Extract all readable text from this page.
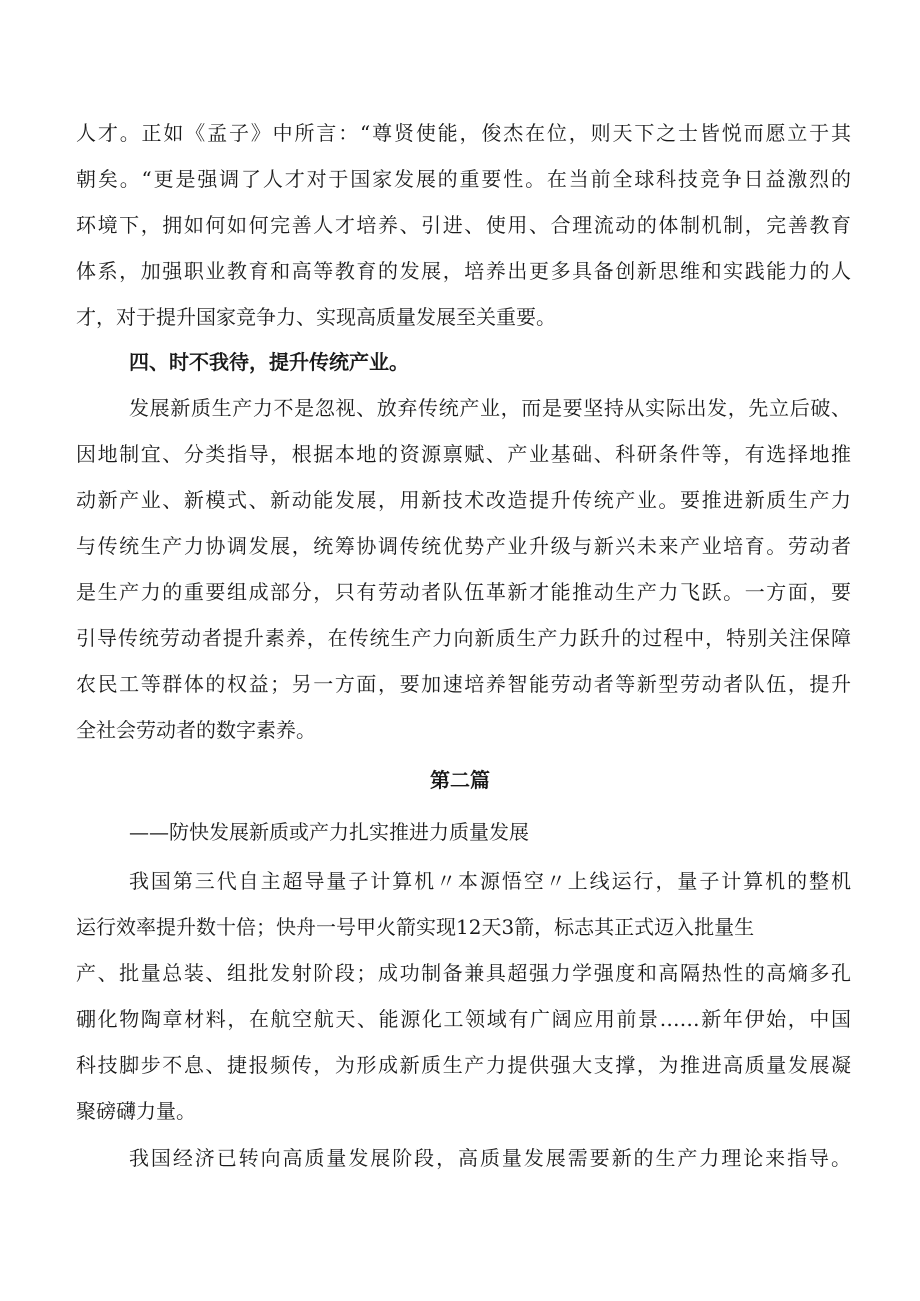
人才。正如《孟子》中所言：“尊贤使能，俊杰在位，则天下之士皆悦而愿立于其
朝矣。“更是强调了人才对于国家发展的重要性。在当前全球科技竞争日益激烈的
环境下，拥如何如何完善人才培养、引进、使用、合理流动的体制机制，完善教育
体系，加强职业教育和高等教育的发展，培养出更多具备创新思维和实践能力的人
才，对于提升国家竞争力、实现高质量发展至关重要。
四、时不我待，提升传统产业。
发展新质生产力不是忽视、放弃传统产业，而是要坚持从实际出发，先立后破、
因地制宜、分类指导，根据本地的资源禀赋、产业基础、科研条件等，有选择地推
动新产业、新模式、新动能发展，用新技术改造提升传统产业。要推进新质生产力
与传统生产力协调发展，统筹协调传统优势产业升级与新兴未来产业培育。劳动者
是生产力的重要组成部分，只有劳动者队伍革新才能推动生产力飞跃。一方面，要
引导传统劳动者提升素养，在传统生产力向新质生产力跃升的过程中，特别关注保障
农民工等群体的权益；另一方面，要加速培养智能劳动者等新型劳动者队伍，提升
全社会劳动者的数字素养。
第二篇
——防快发展新质或产力扎实推进力质量发展
我国第三代自主超导量子计算机〃本源悟空〃上线运行，量子计算机的整机
运行效率提升数十倍；快舟一号甲火箭实现12天3箭，标志其正式迈入批量生
产、批量总装、组批发射阶段；成功制备兼具超强力学强度和高隔热性的高熵多孔
硼化物陶章材料，在航空航天、能源化工领域有广阔应用前景……新年伊始，中国
科技脚步不息、捷报频传，为形成新质生产力提供强大支撑，为推进高质量发展凝
聚磅礴力量。
我国经济已转向高质量发展阶段，高质量发展需要新的生产力理论来指导。
